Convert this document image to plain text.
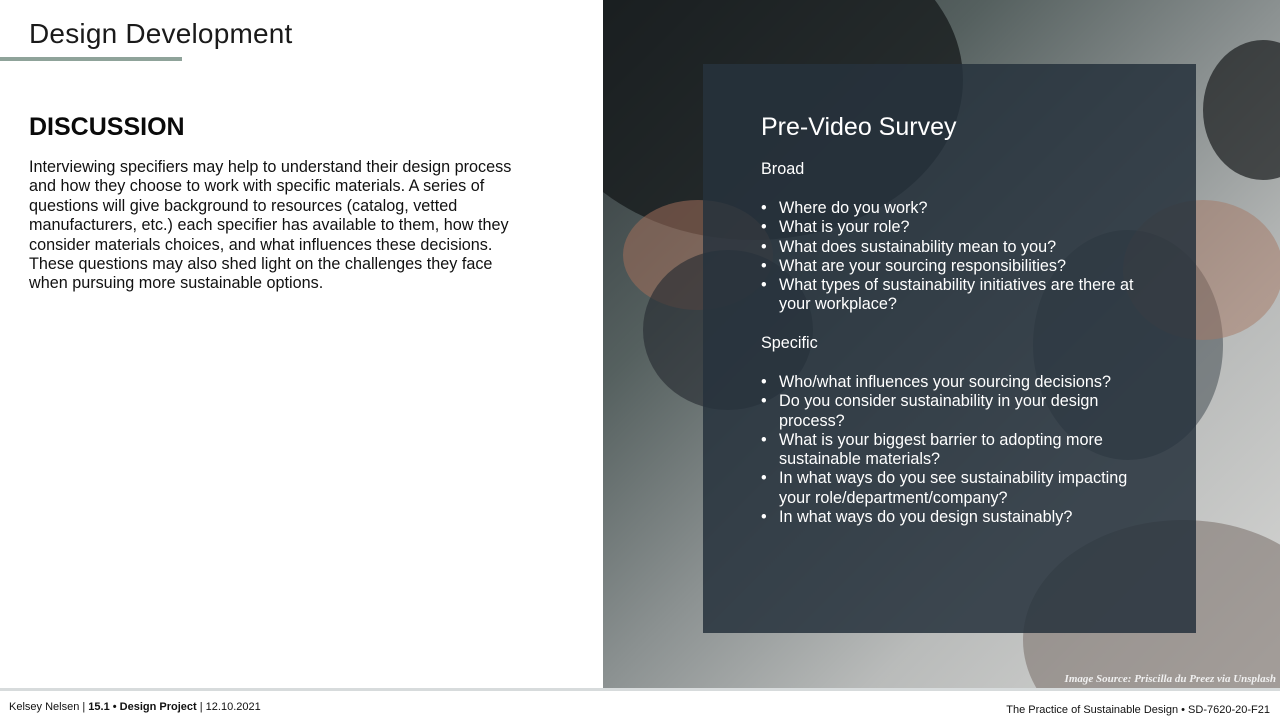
Design Development
DISCUSSION

Interviewing specifiers may help to understand their design process and how they choose to work with specific materials. A series of questions will give background to resources (catalog, vetted manufacturers, etc.) each specifier has available to them, how they consider materials choices, and what influences these decisions. These questions may also shed light on the challenges they face when pursuing more sustainable options.

Pre-Video Survey

Broad

• Where do you work?
• What is your role?
• What does sustainability mean to you?
• What are your sourcing responsibilities?
• What types of sustainability initiatives are there at your workplace?

Specific

• Who/what influences your sourcing decisions?
• Do you consider sustainability in your design process?
• What is your biggest barrier to adopting more sustainable materials?
• In what ways do you see sustainability impacting your role/department/company?
• In what ways do you design sustainably?
Image Source: Priscilla du Preez via Unsplash
Kelsey Nelsen | 15.1 • Design Project | 12.10.2021	The Practice of Sustainable Design • SD-7620-20-F21
